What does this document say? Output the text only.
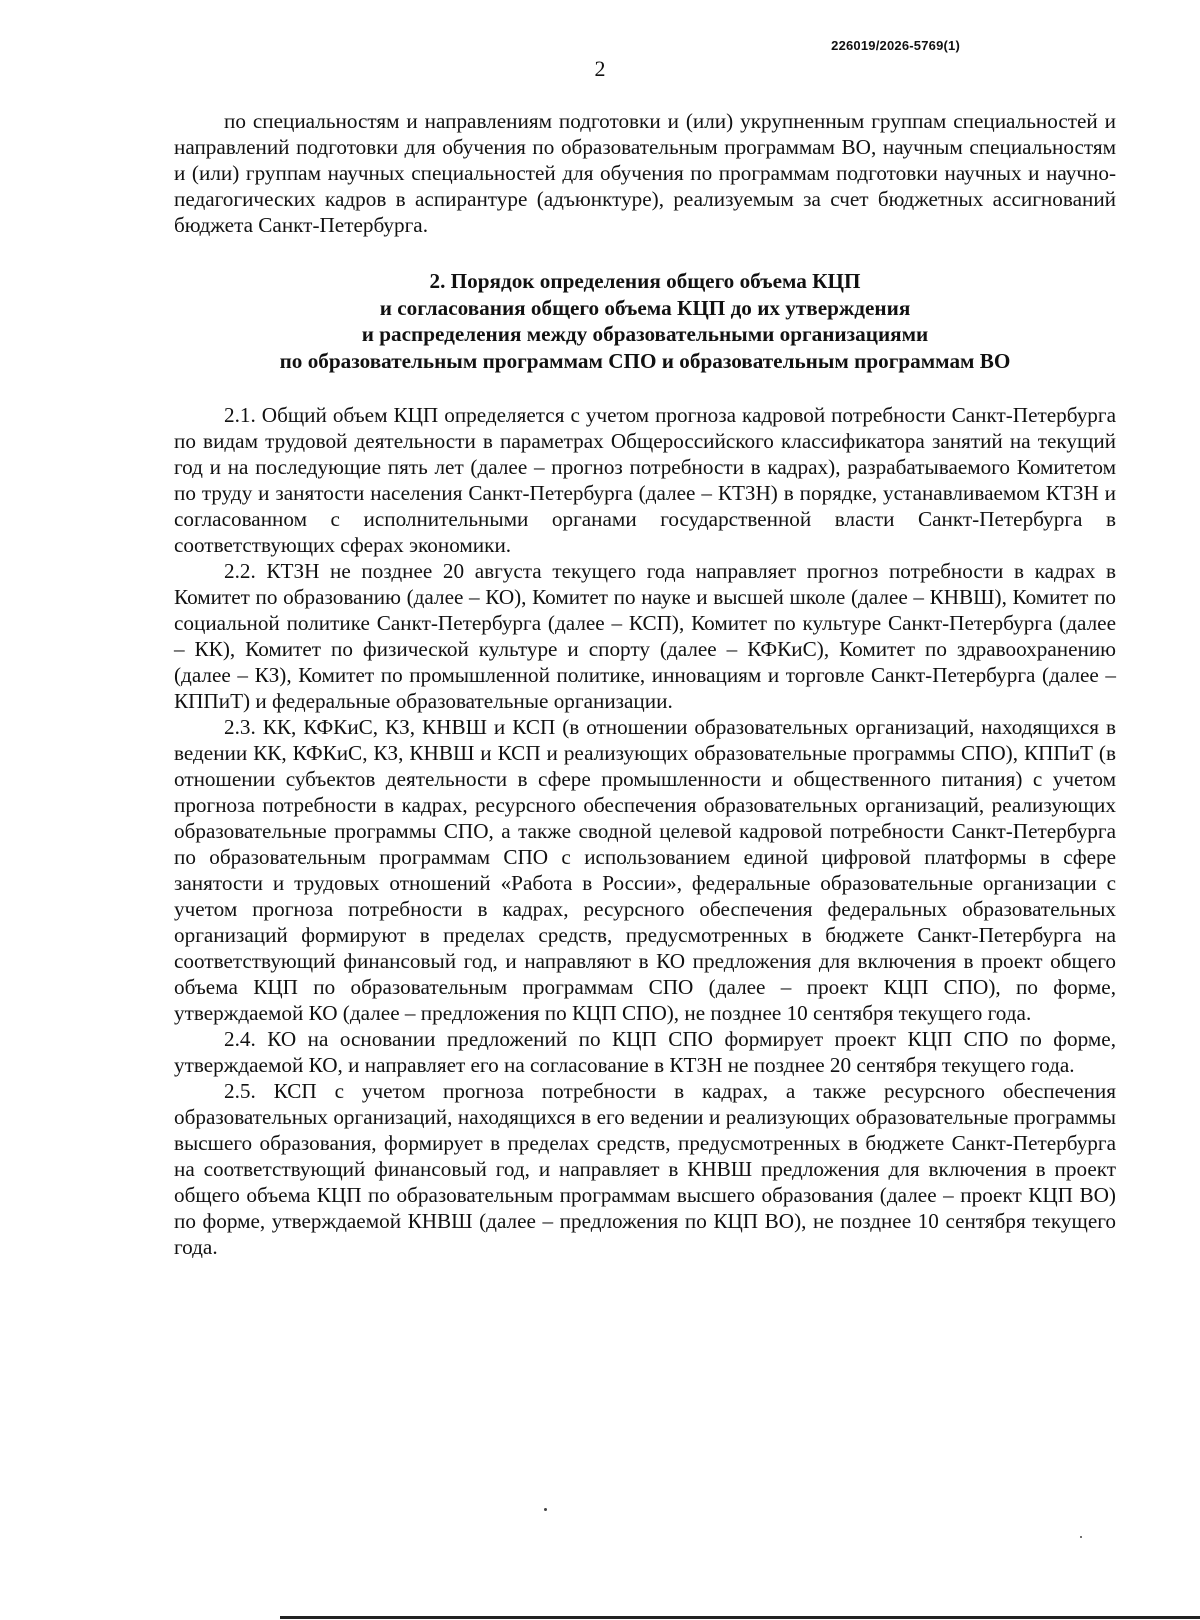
226019/2026-5769(1)
2

по специальностям и направлениям подготовки и (или) укрупненным группам специальностей и направлений подготовки для обучения по образовательным программам ВО, научным специальностям и (или) группам научных специальностей для обучения по программам подготовки научных и научно-педагогических кадров в аспирантуре (адъюнктуре), реализуемым за счет бюджетных ассигнований бюджета Санкт-Петербурга.

2. Порядок определения общего объема КЦП
и согласования общего объема КЦП до их утверждения
и распределения между образовательными организациями
по образовательным программам СПО и образовательным программам ВО

2.1. Общий объем КЦП определяется с учетом прогноза кадровой потребности Санкт-Петербурга по видам трудовой деятельности в параметрах Общероссийского классификатора занятий на текущий год и на последующие пять лет (далее – прогноз потребности в кадрах), разрабатываемого Комитетом по труду и занятости населения Санкт-Петербурга (далее – КТЗН) в порядке, устанавливаемом КТЗН и согласованном с исполнительными органами государственной власти Санкт-Петербурга в соответствующих сферах экономики.

2.2. КТЗН не позднее 20 августа текущего года направляет прогноз потребности в кадрах в Комитет по образованию (далее – КО), Комитет по науке и высшей школе (далее – КНВШ), Комитет по социальной политике Санкт-Петербурга (далее – КСП), Комитет по культуре Санкт-Петербурга (далее – КК), Комитет по физической культуре и спорту (далее – КФКиС), Комитет по здравоохранению (далее – КЗ), Комитет по промышленной политике, инновациям и торговле Санкт-Петербурга (далее – КППиТ) и федеральные образовательные организации.

2.3. КК, КФКиС, КЗ, КНВШ и КСП (в отношении образовательных организаций, находящихся в ведении КК, КФКиС, КЗ, КНВШ и КСП и реализующих образовательные программы СПО), КППиТ (в отношении субъектов деятельности в сфере промышленности и общественного питания) с учетом прогноза потребности в кадрах, ресурсного обеспечения образовательных организаций, реализующих образовательные программы СПО, а также сводной целевой кадровой потребности Санкт-Петербурга по образовательным программам СПО с использованием единой цифровой платформы в сфере занятости и трудовых отношений «Работа в России», федеральные образовательные организации с учетом прогноза потребности в кадрах, ресурсного обеспечения федеральных образовательных организаций формируют в пределах средств, предусмотренных в бюджете Санкт-Петербурга на соответствующий финансовый год, и направляют в КО предложения для включения в проект общего объема КЦП по образовательным программам СПО (далее – проект КЦП СПО), по форме, утверждаемой КО (далее – предложения по КЦП СПО), не позднее 10 сентября текущего года.

2.4. КО на основании предложений по КЦП СПО формирует проект КЦП СПО по форме, утверждаемой КО, и направляет его на согласование в КТЗН не позднее 20 сентября текущего года.

2.5. КСП с учетом прогноза потребности в кадрах, а также ресурсного обеспечения образовательных организаций, находящихся в его ведении и реализующих образовательные программы высшего образования, формирует в пределах средств, предусмотренных в бюджете Санкт-Петербурга на соответствующий финансовый год, и направляет в КНВШ предложения для включения в проект общего объема КЦП по образовательным программам высшего образования (далее – проект КЦП ВО) по форме, утверждаемой КНВШ (далее – предложения по КЦП ВО), не позднее 10 сентября текущего года.
